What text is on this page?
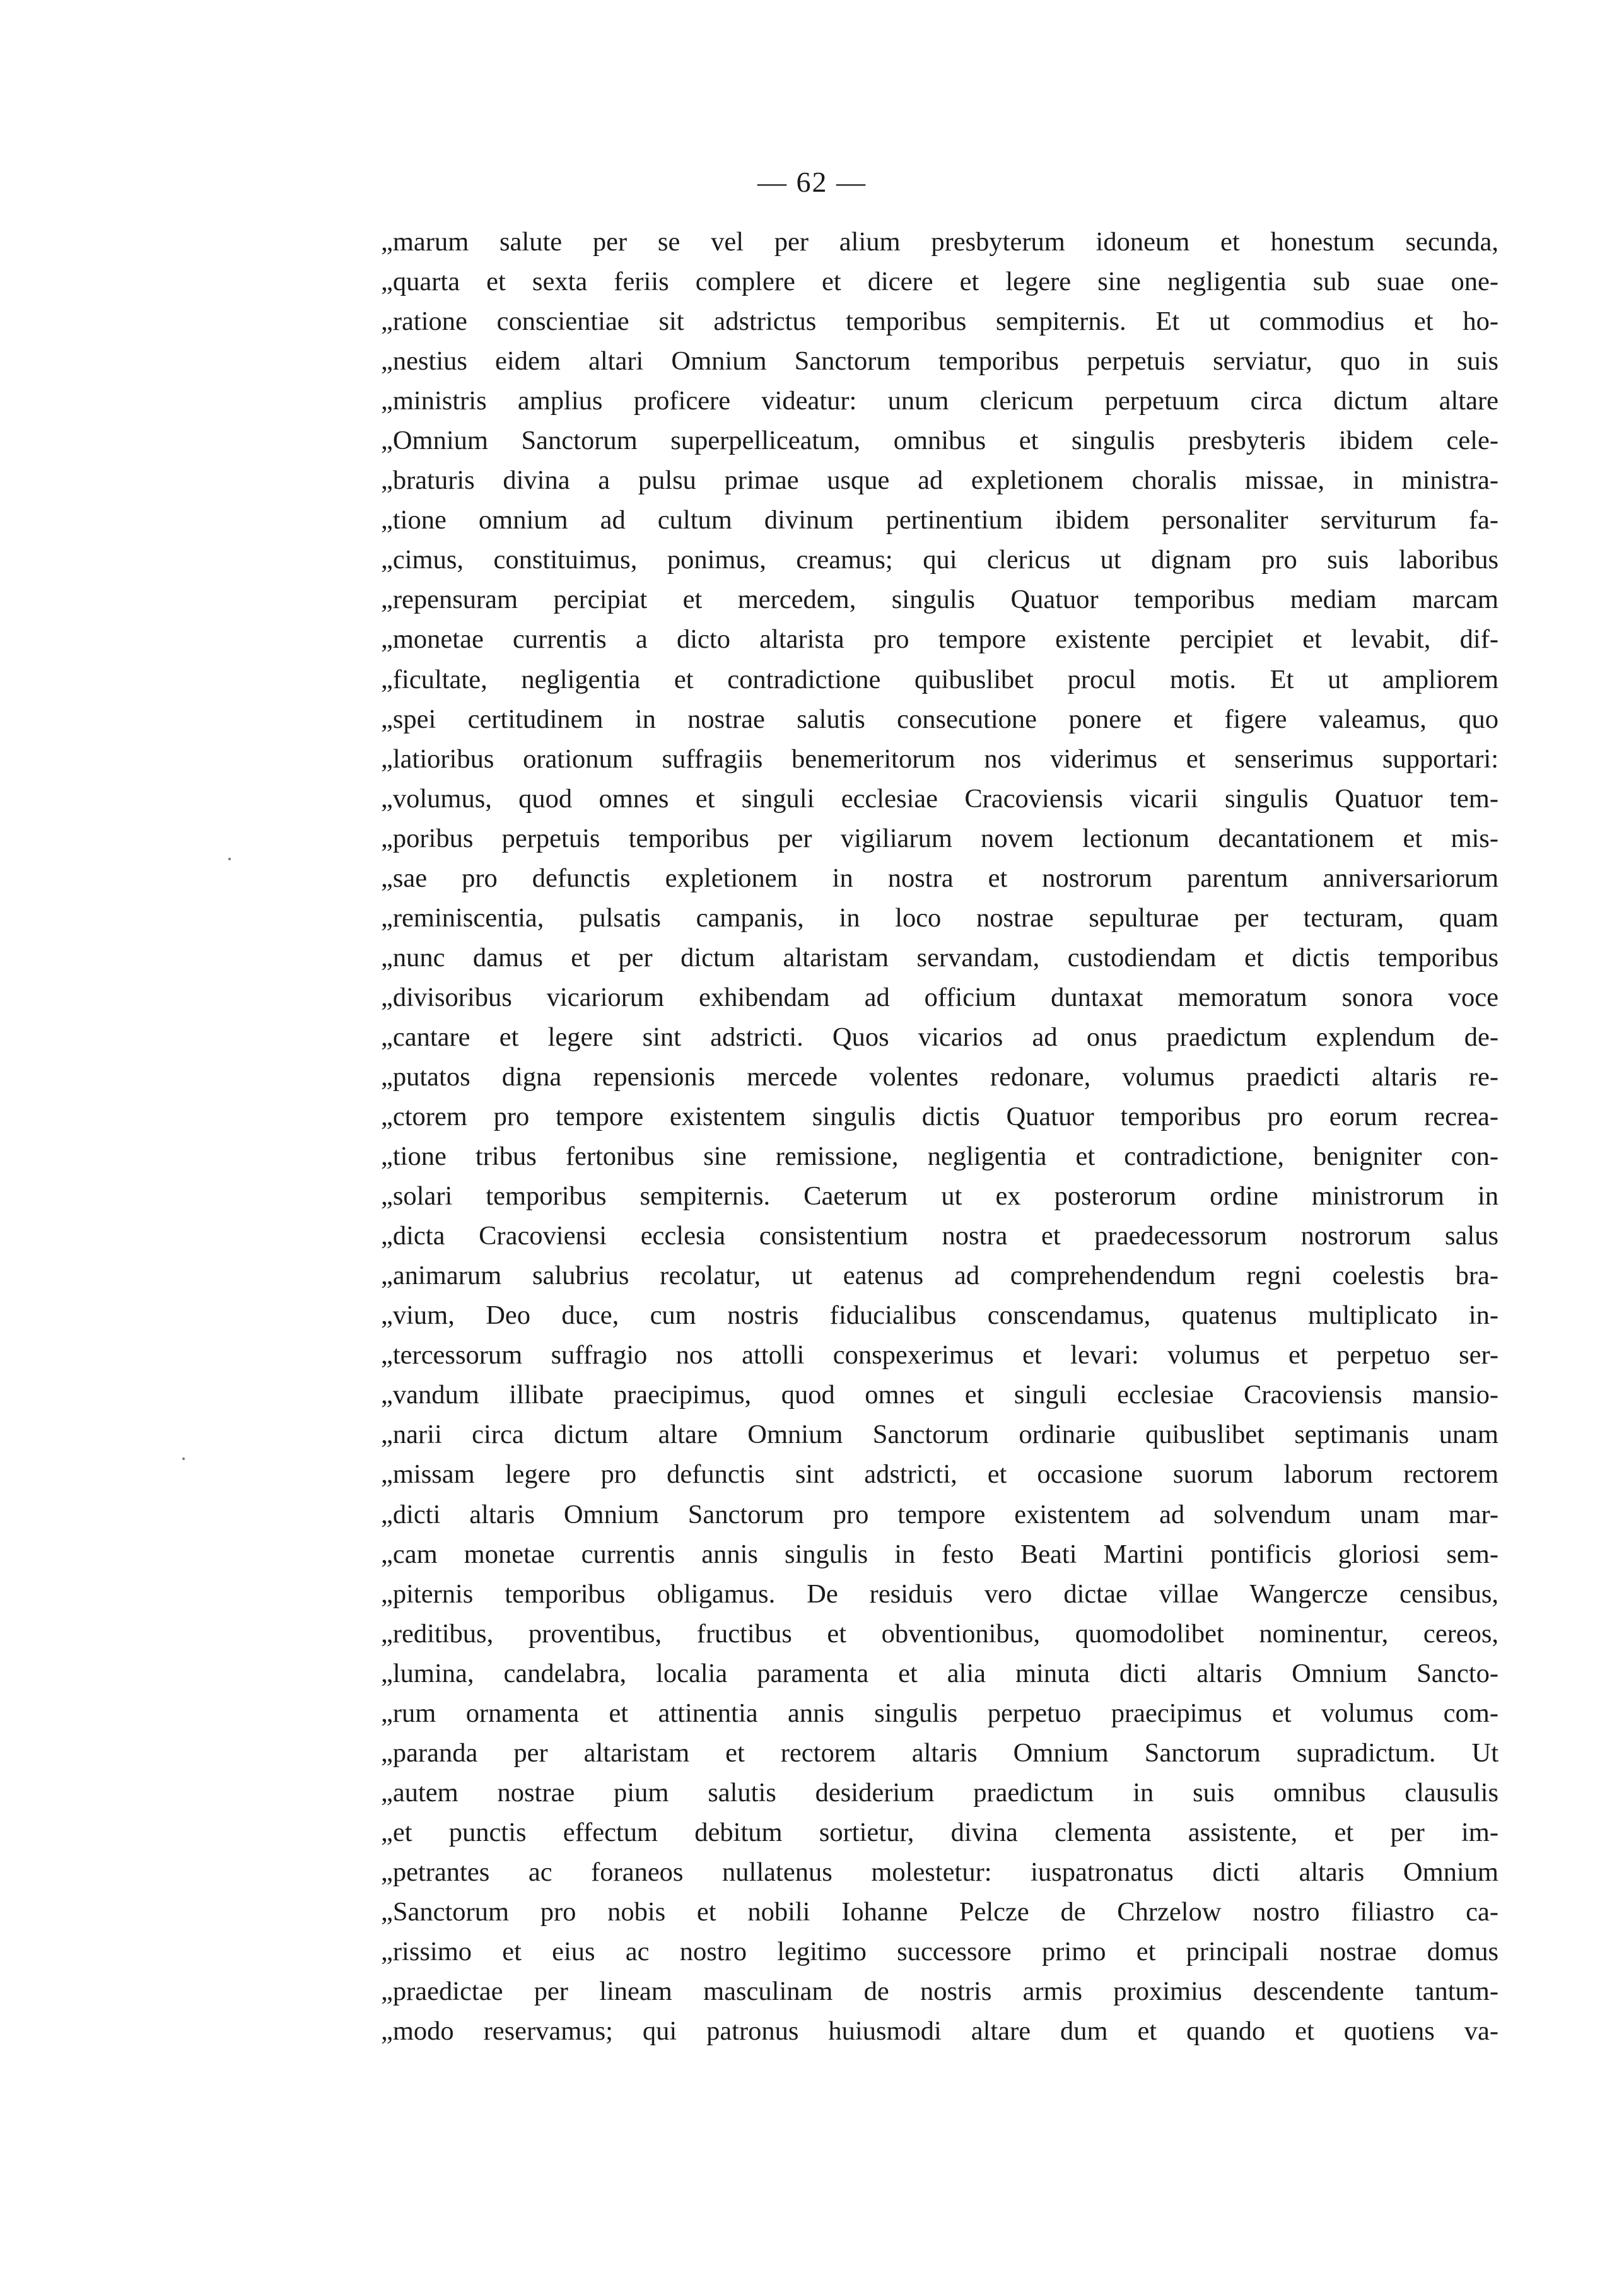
— 62 —
„marum salute per se vel per alium presbyterum idoneum et honestum secunda,
„quarta et sexta feriis complere et dicere et legere sine negligentia sub suae one-
„ratione conscientiae sit adstrictus temporibus sempiternis. Et ut commodius et ho-
„nestius eidem altari Omnium Sanctorum temporibus perpetuis serviatur, quo in suis
„ministris amplius proficere videatur: unum clericum perpetuum circa dictum altare
„Omnium Sanctorum superpelliceatum, omnibus et singulis presbyteris ibidem cele-
„braturis divina a pulsu primae usque ad expletionem choralis missae, in ministra-
„tione omnium ad cultum divinum pertinentium ibidem personaliter serviturum fa-
„cimus, constituimus, ponimus, creamus; qui clericus ut dignam pro suis laboribus
„repensuram percipiat et mercedem, singulis Quatuor temporibus mediam marcam
„monetae currentis a dicto altarista pro tempore existente percipiet et levabit, dif-
„ficultate, negligentia et contradictione quibuslibet procul motis. Et ut ampliorem
„spei certitudinem in nostrae salutis consecutione ponere et figere valeamus, quo
„latioribus orationum suffragiis benemeritorum nos viderimus et senserimus supportari:
„volumus, quod omnes et singuli ecclesiae Cracoviensis vicarii singulis Quatuor tem-
„poribus perpetuis temporibus per vigiliarum novem lectionum decantationem et mis-
„sae pro defunctis expletionem in nostra et nostrorum parentum anniversariorum
„reminiscentia, pulsatis campanis, in loco nostrae sepulturae per tecturam, quam
„nunc damus et per dictum altaristam servandam, custodiendam et dictis temporibus
„divisoribus vicariorum exhibendam ad officium duntaxat memoratum sonora voce
„cantare et legere sint adstricti. Quos vicarios ad onus praedictum explendum de-
„putatos digna repensionis mercede volentes redonare, volumus praedicti altaris re-
„ctorem pro tempore existentem singulis dictis Quatuor temporibus pro eorum recrea-
„tione tribus fertonibus sine remissione, negligentia et contradictione, benigniter con-
„solari temporibus sempiternis. Caeterum ut ex posterorum ordine ministrorum in
„dicta Cracoviensi ecclesia consistentium nostra et praedecessorum nostrorum salus
„animarum salubrius recolatur, ut eatenus ad comprehendendum regni coelestis bra-
„vium, Deo duce, cum nostris fiducialibus conscendamus, quatenus multiplicato in-
„tercessorum suffragio nos attolli conspexerimus et levari: volumus et perpetuo ser-
„vandum illibate praecipimus, quod omnes et singuli ecclesiae Cracoviensis mansio-
„narii circa dictum altare Omnium Sanctorum ordinarie quibuslibet septimanis unam
„missam legere pro defunctis sint adstricti, et occasione suorum laborum rectorem
„dicti altaris Omnium Sanctorum pro tempore existentem ad solvendum unam mar-
„cam monetae currentis annis singulis in festo Beati Martini pontificis gloriosi sem-
„piternis temporibus obligamus. De residuis vero dictae villae Wangercze censibus,
„reditibus, proventibus, fructibus et obventionibus, quomodolibet nominentur, cereos,
„lumina, candelabra, localia paramenta et alia minuta dicti altaris Omnium Sancto-
„rum ornamenta et attinentia annis singulis perpetuo praecipimus et volumus com-
„paranda per altaristam et rectorem altaris Omnium Sanctorum supradictum. Ut
„autem nostrae pium salutis desiderium praedictum in suis omnibus clausulis
„et punctis effectum debitum sortietur, divina clementa assistente, et per im-
„petrantes ac foraneos nullatenus molestetur: iuspatronatus dicti altaris Omnium
„Sanctorum pro nobis et nobili Iohanne Pelcze de Chrzelow nostro filiastro ca-
„rissimo et eius ac nostro legitimo successore primo et principali nostrae domus
„praedictae per lineam masculinam de nostris armis proximius descendente tantum-
„modo reservamus; qui patronus huiusmodi altare dum et quando et quotiens va-
